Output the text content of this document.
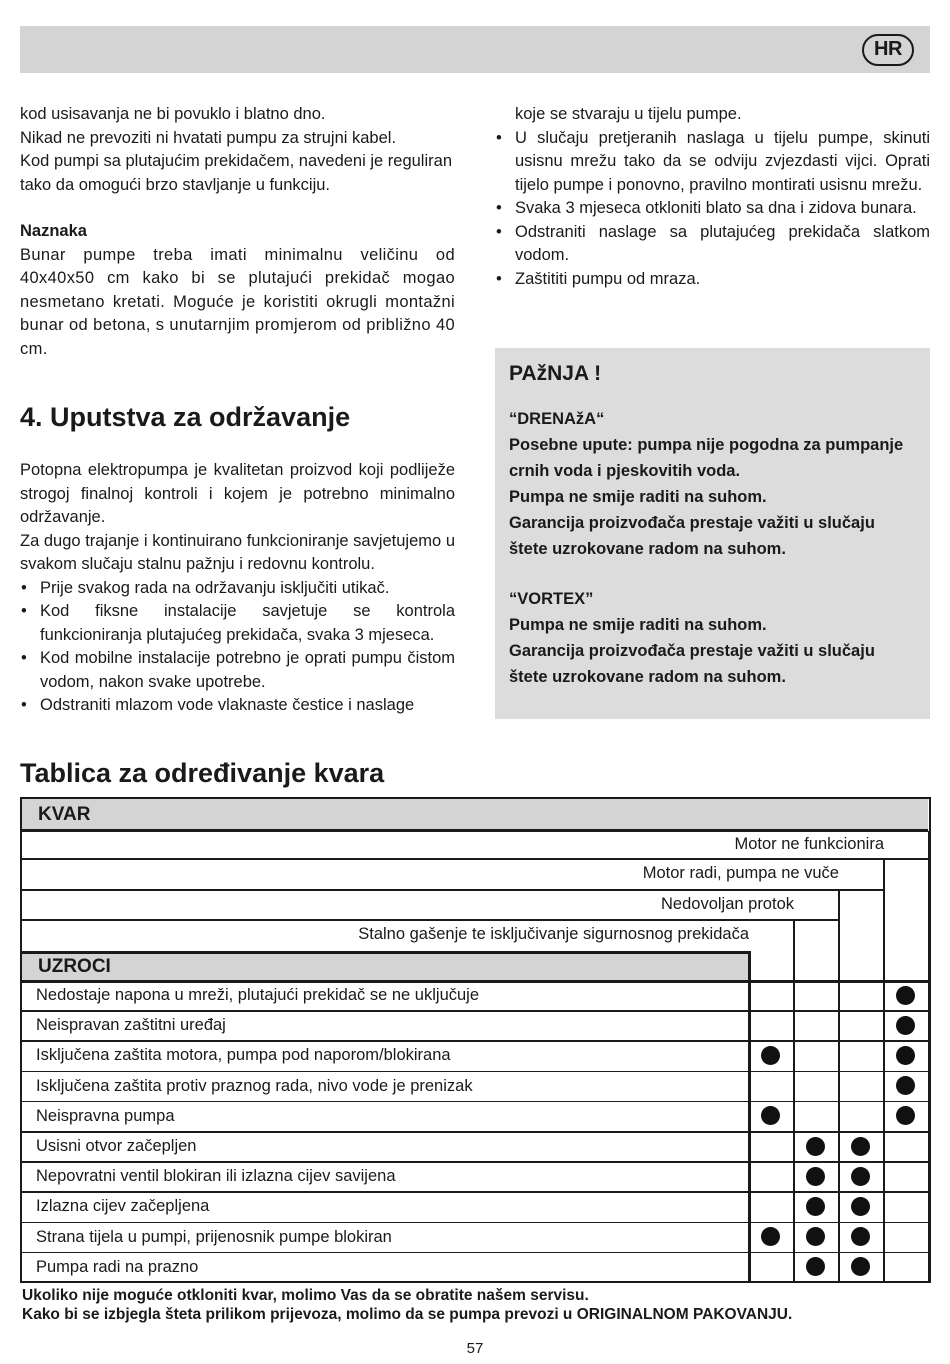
HR
kod usisavanja ne bi povuklo i blatno dno.
Nikad ne prevoziti ni hvatati pumpu za strujni kabel.
Kod pumpi sa plutajućim prekidačem, navedeni je reguliran tako da omogući brzo stavljanje u funkciju.
Naznaka
Bunar pumpe treba imati minimalnu veličinu od 40x40x50 cm kako bi se plutajući prekidač mogao nesmetano kretati. Moguće je koristiti okrugli montažni bunar od betona, s unutarnjim promjerom od približno 40 cm.
4. Uputstva za održavanje
Potopna elektropumpa je kvalitetan proizvod koji podliježe strogoj finalnoj kontroli i kojem je potrebno minimalno održavanje.
Za dugo trajanje i kontinuirano funkcioniranje savjetujemo u svakom slučaju stalnu pažnju i redovnu kontrolu.
• Prije svakog rada na održavanju isključiti utikač.
• Kod fiksne instalacije savjetuje se kontrola funkcioniranja plutajućeg prekidača, svaka 3 mjeseca.
• Kod mobilne instalacije potrebno je oprati pumpu čistom vodom, nakon svake upotrebe.
• Odstraniti mlazom vode vlaknaste čestice i naslage
koje se stvaraju u tijelu pumpe.
• U slučaju pretjeranih naslaga u tijelu pumpe, skinuti usisnu mrežu tako da se odviju zvjezdasti vijci. Oprati tijelo pumpe i ponovno, pravilno montirati usisnu mrežu.
• Svaka 3 mjeseca otkloniti blato sa dna i zidova bunara.
• Odstraniti naslage sa plutajućeg prekidača slatkom vodom.
• Zaštititi pumpu od mraza.
PAžNJA !
“DRENAžA“
Posebne upute: pumpa nije pogodna za pumpanje crnih voda i pjeskovitih voda.
Pumpa ne smije raditi na suhom.
Garancija proizvođača prestaje važiti u slučaju štete uzrokovane radom na suhom.
“VORTEX”
Pumpa ne smije raditi na suhom.
Garancija proizvođača prestaje važiti u slučaju štete uzrokovane radom na suhom.
Tablica za određivanje kvara
KVAR
UZROCI
Motor ne funkcionira
Motor radi, pumpa ne vuče
Nedovoljan protok
Stalno gašenje te isključivanje sigurnosnog prekidača
Nedostaje napona u mreži, plutajući prekidač se ne uključuje
Neispravan zaštitni uređaj
Isključena zaštita motora, pumpa pod naporom/blokirana
Isključena zaštita protiv praznog rada, nivo vode je prenizak
Neispravna pumpa
Usisni otvor začepljen
Nepovratni ventil blokiran ili izlazna cijev savijena
Izlazna cijev začepljena
Strana tijela u pumpi, prijenosnik pumpe blokiran
Pumpa radi na prazno
Ukoliko nije moguće otkloniti kvar, molimo Vas da se obratite našem servisu.
Kako bi se izbjegla šteta prilikom prijevoza, molimo da se pumpa prevozi u ORIGINALNOM PAKOVANJU.
57
